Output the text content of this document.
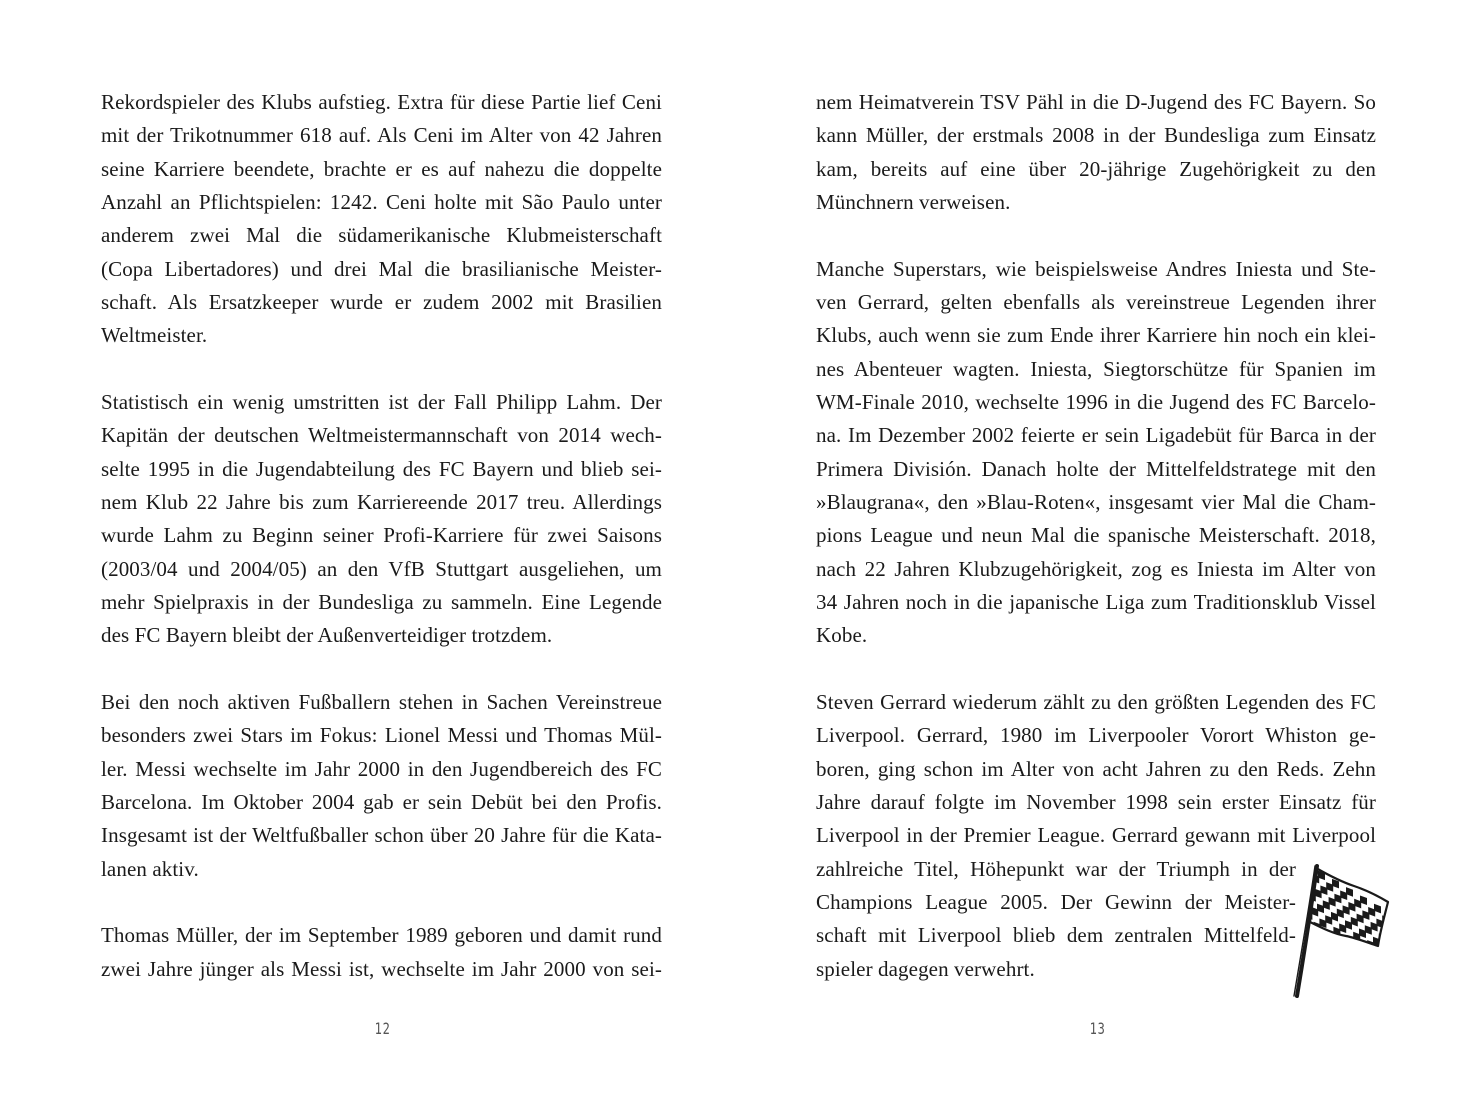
Rekordspieler des Klubs aufstieg. Extra für diese Partie lief Ceni
mit der Trikotnummer 618 auf. Als Ceni im Alter von 42 Jahren
seine Karriere beendete, brachte er es auf nahezu die doppelte
Anzahl an Pflichtspielen: 1242. Ceni holte mit São Paulo unter
anderem zwei Mal die südamerikanische Klubmeisterschaft
(Copa Libertadores) und drei Mal die brasilianische Meister-
schaft. Als Ersatzkeeper wurde er zudem 2002 mit Brasilien
Weltmeister.
Statistisch ein wenig umstritten ist der Fall Philipp Lahm. Der
Kapitän der deutschen Weltmeistermannschaft von 2014 wech-
selte 1995 in die Jugendabteilung des FC Bayern und blieb sei-
nem Klub 22 Jahre bis zum Karriereende 2017 treu. Allerdings
wurde Lahm zu Beginn seiner Profi-Karriere für zwei Saisons
(2003/04 und 2004/05) an den VfB Stuttgart ausgeliehen, um
mehr Spielpraxis in der Bundesliga zu sammeln. Eine Legende
des FC Bayern bleibt der Außenverteidiger trotzdem.
Bei den noch aktiven Fußballern stehen in Sachen Vereinstreue
besonders zwei Stars im Fokus: Lionel Messi und Thomas Mül-
ler. Messi wechselte im Jahr 2000 in den Jugendbereich des FC
Barcelona. Im Oktober 2004 gab er sein Debüt bei den Profis.
Insgesamt ist der Weltfußballer schon über 20 Jahre für die Kata-
lanen aktiv.
Thomas Müller, der im September 1989 geboren und damit rund
zwei Jahre jünger als Messi ist, wechselte im Jahr 2000 von sei-
12
nem Heimatverein TSV Pähl in die D-Jugend des FC Bayern. So
kann Müller, der erstmals 2008 in der Bundesliga zum Einsatz
kam, bereits auf eine über 20-jährige Zugehörigkeit zu den
Münchnern verweisen.
Manche Superstars, wie beispielsweise Andres Iniesta und Ste-
ven Gerrard, gelten ebenfalls als vereinstreue Legenden ihrer
Klubs, auch wenn sie zum Ende ihrer Karriere hin noch ein klei-
nes Abenteuer wagten. Iniesta, Siegtorschütze für Spanien im
WM-Finale 2010, wechselte 1996 in die Jugend des FC Barcelo-
na. Im Dezember 2002 feierte er sein Ligadebüt für Barca in der
Primera División. Danach holte der Mittelfeldstratege mit den
»Blaugrana«, den »Blau-Roten«, insgesamt vier Mal die Cham-
pions League und neun Mal die spanische Meisterschaft. 2018,
nach 22 Jahren Klubzugehörigkeit, zog es Iniesta im Alter von
34 Jahren noch in die japanische Liga zum Traditionsklub Vissel
Kobe.
Steven Gerrard wiederum zählt zu den größten Legenden des FC
Liverpool. Gerrard, 1980 im Liverpooler Vorort Whiston ge-
boren, ging schon im Alter von acht Jahren zu den Reds. Zehn
Jahre darauf folgte im November 1998 sein erster Einsatz für
Liverpool in der Premier League. Gerrard gewann mit Liverpool
zahlreiche Titel, Höhepunkt war der Triumph in der
Champions League 2005. Der Gewinn der Meister-
schaft mit Liverpool blieb dem zentralen Mittelfeld-
spieler dagegen verwehrt.
13
